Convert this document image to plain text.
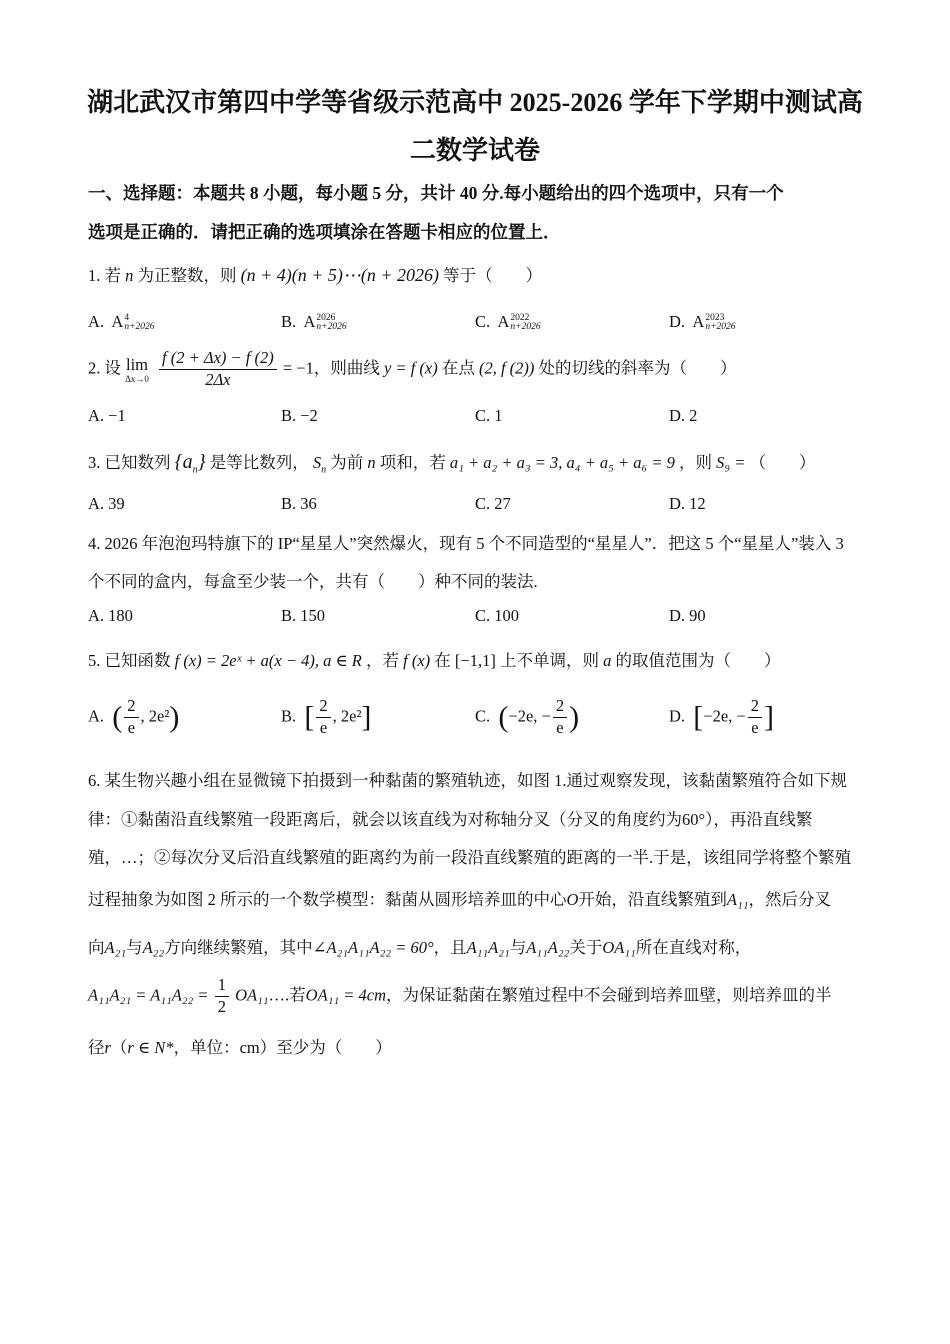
湖北武汉市第四中学等省级示范高中 2025-2026 学年下学期中测试高
二数学试卷
一、选择题：本题共 8 小题，每小题 5 分，共计 40 分.每小题给出的四个选项中，只有一个
选项是正确的．请把正确的选项填涂在答题卡相应的位置上．
1. 若 n 为正整数，则 (n + 4)(n + 5)⋯(n + 2026) 等于（　　）
A.  A 4
n+2026	B.  A 2026
n+2026	C.  A 2022
n+2026	D.  A 2023
n+2026
2. 设 lim
Δx→0
$\frac{f (2 + \Delta x) - f (2)}{2\Delta x} = -1$，则曲线 y = f (x) 在点 (2, f (2)) 处的切线的斜率为（　　）
A. −1	B. −2	C. 1	D. 2
3. 已知数列 $\{a_n\}$ 是等比数列， $S_n$ 为前 n 项和，若 a₁ + a₂ + a₃ = 3, a₄ + a₅ + a₆ = 9 ，则 S₉ = （　　）
A. 39	B. 36	C. 27	D. 12
4. 2026 年泡泡玛特旗下的 IP“星星人”突然爆火，现有 5 个不同造型的“星星人”．把这 5 个“星星人”装入 3
个不同的盒内，每盒至少装一个，共有（　　）种不同的装法.
A. 180	B. 150	C. 100	D. 90
5. 已知函数 f (x) = 2eˣ + a(x − 4), a ∈ R ，若 f (x) 在 [−1,1] 上不单调，则 a 的取值范围为（　　）
A. ( $\frac{2}{e}$ , 2e²)	B. [ $\frac{2}{e}$ , 2e²]	C. (−2e, − $\frac{2}{e}$ )	D. [−2e, − $\frac{2}{e}$ ]
6. 某生物兴趣小组在显微镜下拍摄到一种黏菌的繁殖轨迹，如图 1.通过观察发现，该黏菌繁殖符合如下规
律：①黏菌沿直线繁殖一段距离后，就会以该直线为对称轴分叉（分叉的角度约为60°），再沿直线繁
殖，…；②每次分叉后沿直线繁殖的距离约为前一段沿直线繁殖的距离的一半.于是，该组同学将整个繁殖
过程抽象为如图 2 所示的一个数学模型：黏菌从圆形培养皿的中心O开始，沿直线繁殖到A₁₁，然后分叉
向A₂₁与A₂₂方向继续繁殖，其中∠A₂₁A₁₁A₂₂ = 60°，且A₁₁A₂₁与A₁₁A₂₂关于OA₁₁所在直线对称，
$A_{11}A_{21} = A_{11}A_{22} = \frac{1}{2}$ OA₁₁….若OA₁₁ = 4cm，为保证黏菌在繁殖过程中不会碰到培养皿壁，则培养皿的半
径r（r ∈ N*，单位：cm）至少为（　　）
